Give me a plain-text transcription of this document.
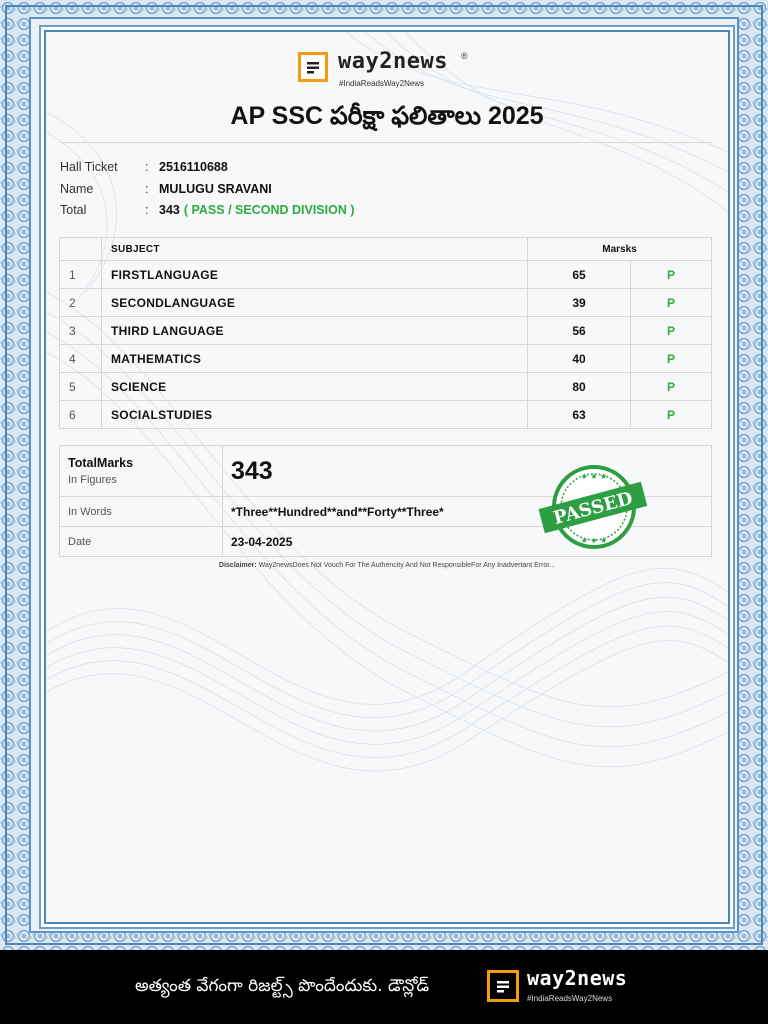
way2news ®
#IndiaReadsWay2News
AP SSC పరీక్షా ఫలితాలు 2025
Hall Ticket : 2516110688
Name	: MULUGU SRAVANI
Total	: 343 ( PASS / SECOND DIVISION )
	SUBJECT	Marsks	
1	FIRSTLANGUAGE	65	P
2	SECONDLANGUAGE	39	P
3	THIRD LANGUAGE	56	P
4	MATHEMATICS	40	P
5	SCIENCE	80	P
6	SOCIALSTUDIES	63	P
TotalMarks
In Figures	343
In Words	*Three**Hundred**and**Forty**Three*
Date	23-04-2025
★ ★ ★
★ ★ ★
PASSED
Disclaimer: Way2newsDoes Not Vouch For The Authencity And Not ResponsibleFor Any Inadvertant Error...
అత్యంత వేగంగా రిజల్ట్స్ పొందేందుకు. డౌన్లోడ్	way2news
#IndiaReadsWay2News
